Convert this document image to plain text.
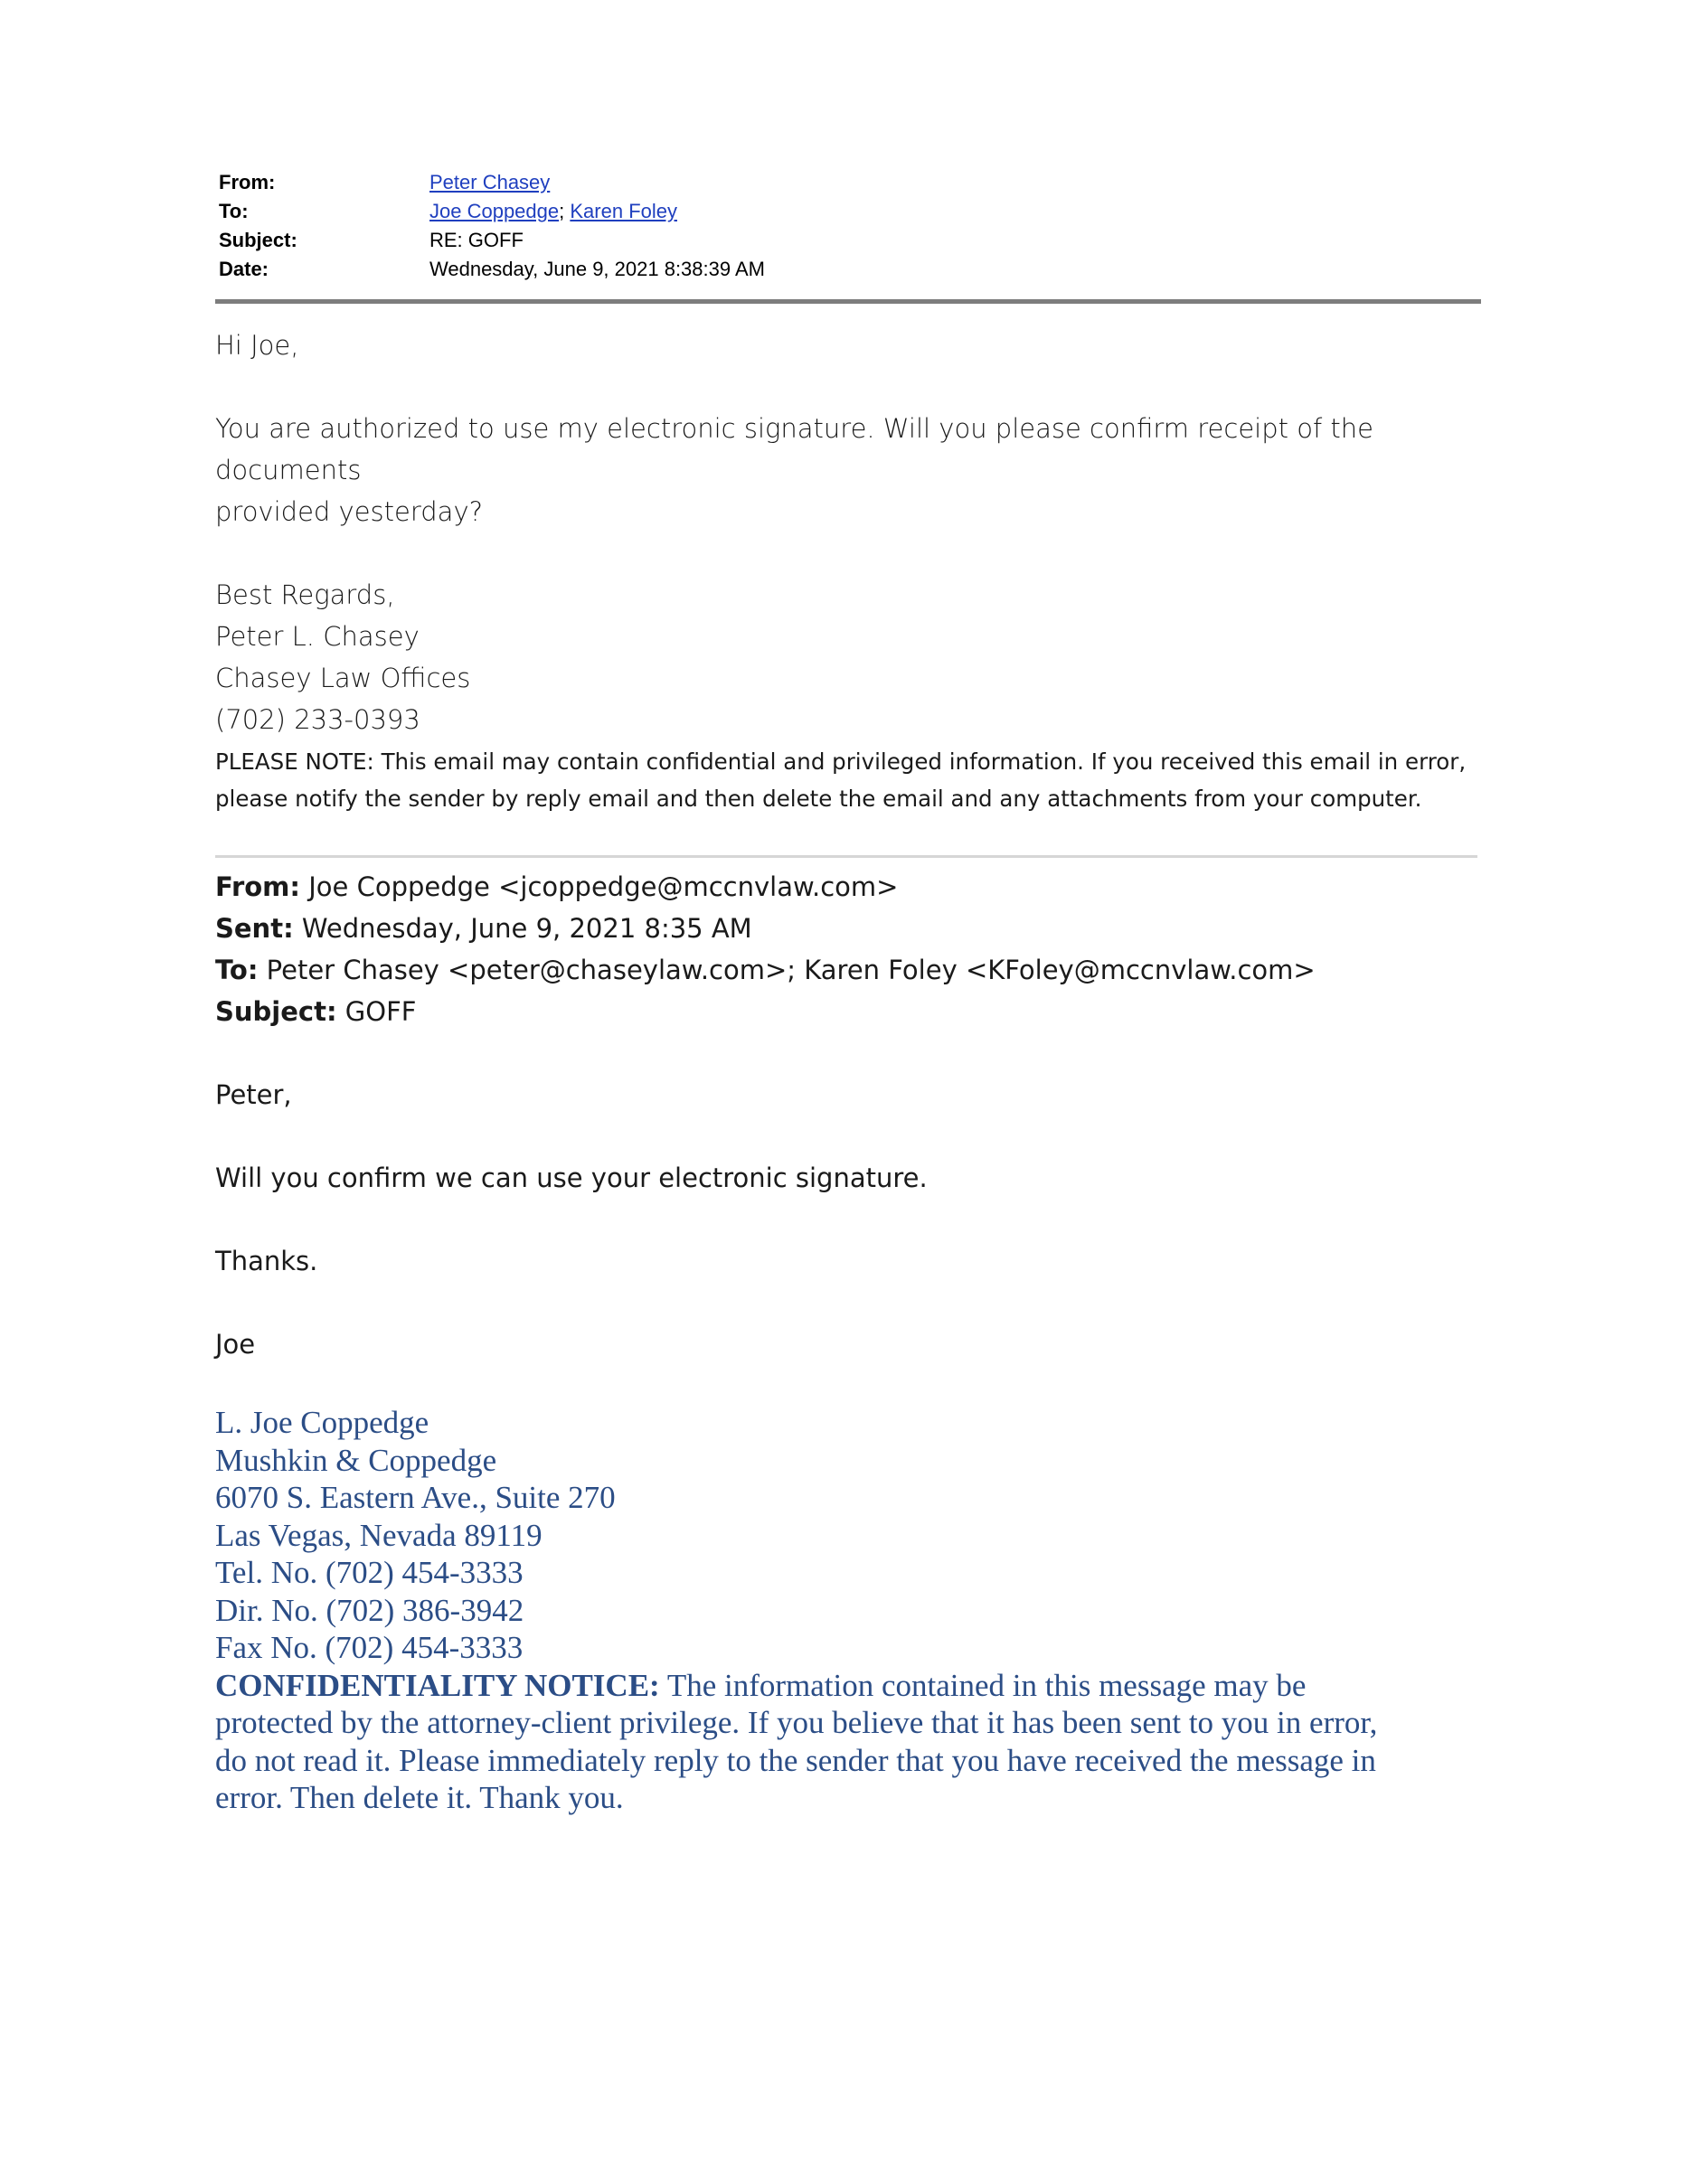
From:	Peter Chasey
To:	Joe Coppedge; Karen Foley
Subject:	RE: GOFF
Date:	Wednesday, June 9, 2021 8:38:39 AM

Hi Joe,

You are authorized to use my electronic signature. Will you please confirm receipt of the documents

provided yesterday?

Best Regards,

Peter L. Chasey

Chasey Law Offices

(702) 233-0393

PLEASE NOTE: This email may contain confidential and privileged information. If you received this email in error,
please notify the sender by reply email and then delete the email and any attachments from your computer.
From: Joe Coppedge <jcoppedge@mccnvlaw.com>
Sent: Wednesday, June 9, 2021 8:35 AM
To: Peter Chasey <peter@chaseylaw.com>; Karen Foley <KFoley@mccnvlaw.com>
Subject: GOFF
Peter,
Will you confirm we can use your electronic signature.
Thanks.
Joe
L. Joe Coppedge
Mushkin & Coppedge
6070 S. Eastern Ave., Suite 270
Las Vegas, Nevada 89119
Tel. No. (702) 454-3333
Dir. No. (702) 386-3942
Fax No. (702) 454-3333
CONFIDENTIALITY NOTICE: The information contained in this message may be
protected by the attorney-client privilege. If you believe that it has been sent to you in error,
do not read it. Please immediately reply to the sender that you have received the message in
error. Then delete it. Thank you.
